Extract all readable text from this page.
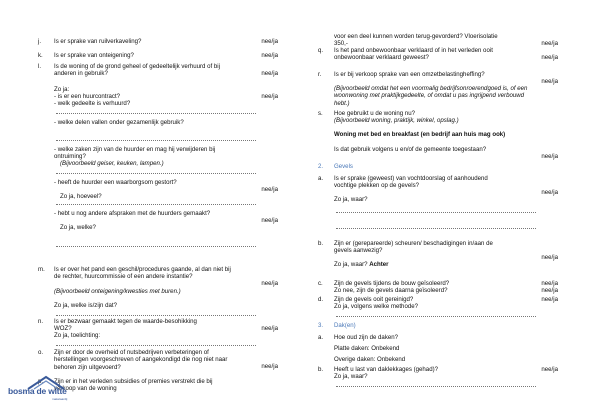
j.	Is er sprake van ruilverkaveling?	nee/ja
k.	Is er sprake van onteigening?	nee/ja
l.	Is de woning of de grond geheel of gedeeltelijk verhuurd of bij anderen in gebruik?	nee/ja
Zo ja:
- is er een huurcontract?	nee/ja
- welk gedeelte is verhuurd?
- welke delen vallen onder gezamenlijk gebruik?
- welke zaken zijn van de huurder en mag hij verwijderen bij ontruiming?
(Bijvoorbeeld geiser, keuken, lampen.)
- heeft de huurder een waarborgsom gestort?
nee/ja
Zo ja, hoeveel?
- hebt u nog andere afspraken met de huurders gemaakt?
nee/ja
Zo ja, welke?
m.	Is er over het pand een geschil/procedures gaande, al dan niet bij de rechter, huurcommissie of een andere instantie?
nee/ja
(Bijvoorbeeld onteigening/kwesties met buren.)
Zo ja, welke is/zijn dat?
n.	Is er bezwaar gemaakt tegen de waarde-besohikking WOZ?	nee/ja
Zo ja, toelichting:
o.	Zijn er door de overheid of nutsbedrijven verbeteringen of herstellingen voorgeschreven of aangekondigd die nog niet naar behoren zijn uitgevoerd?	nee/ja
p.	Zijn er in het verleden subsidies of premies verstrekt die bij verkoop van de woning
bosma de witte
makelaardij
voor een deel kunnen worden terug-gevorderd? Vloerisolatie 350,-	nee/ja
q.	Is het pand onbewoonbaar verklaard of in het verleden ooit onbewoonbaar verklaard geweest?	nee/ja
r.	Is er bij verkoop sprake van een omzetbelastingheffing?
nee/ja
(Bijvoorbeeld omdat het een voormalig bedrijfsonroerendgoed is, of een woonwoning met praktijkgedeelte, of omdat u pas ingrijpend verbouwd hebt.)
s.	Hoe gebruikt u de woning nu?
(Bijvoorbeeld woning, praktijk, winkel, opslag.)
Woning met bed en breakfast (en bedrijf aan huis mag ook)
Is dat gebruik volgens u en/of de gemeente toegestaan?
nee/ja
2.	Gevels
a.	Is er sprake (geweest) van vochtdoorslag of aanhoudend vochtige plekken op de gevels?
nee/ja
Zo ja, waar?
b.	Zijn er (gerepareerde) scheuren/ beschadigingen in/aan de gevels aanwezig?
nee/ja
Zo ja, waar? Achter
c.	Zijn de gevels tijdens de bouw geïsoleerd?	nee/ja
Zo nee, zijn de gevels daarna geïsoleerd?	nee/ja
d.	Zijn de gevels ooit gereinigd?	nee/ja
Zo ja, volgens welke methode?
3.	Dak(en)
a.	Hoe oud zijn de daken?
Platte daken: Onbekend
Overige daken: Onbekend
b.	Heeft u last van daklekkages (gehad)?	nee/ja
Zo ja, waar?
